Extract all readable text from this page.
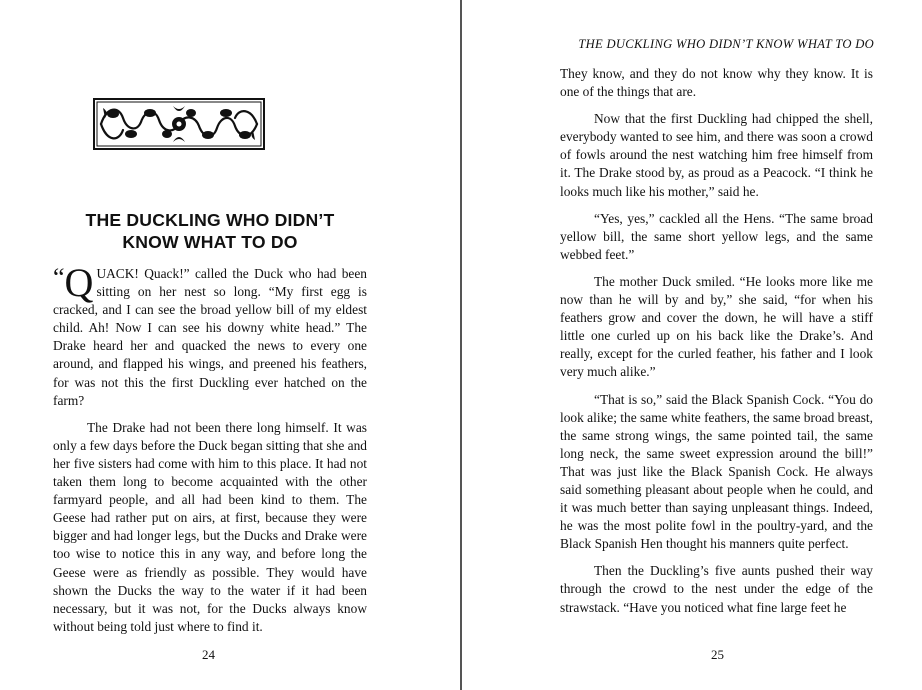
THE DUCKLING WHO DIDN’T
KNOW WHAT TO DO

“ Q UACK! Quack!” called the Duck who had been sitting on her nest so long. “My first egg is cracked, and I can see the broad yellow bill of my eldest child. Ah! Now I can see his downy white head.” The Drake heard her and quacked the news to every one around, and flapped his wings, and preened his feathers, for was not this the first Duckling ever hatched on the farm?

The Drake had not been there long himself. It was only a few days before the Duck began sitting that she and her five sisters had come with him to this place. It had not taken them long to become acquainted with the other farmyard people, and all had been kind to them. The Geese had rather put on airs, at first, because they were bigger and had longer legs, but the Ducks and Drake were too wise to notice this in any way, and before long the Geese were as friendly as possible. They would have shown the Ducks the way to the water if it had been necessary, but it was not, for the Ducks always know without being told just where to find it.

24
THE DUCKLING WHO DIDN’T KNOW WHAT TO DO

They know, and they do not know why they know. It is one of the things that are.

Now that the first Duckling had chipped the shell, everybody wanted to see him, and there was soon a crowd of fowls around the nest watching him free himself from it. The Drake stood by, as proud as a Peacock. “I think he looks much like his mother,” said he.

“Yes, yes,” cackled all the Hens. “The same broad yellow bill, the same short yellow legs, and the same webbed feet.”

The mother Duck smiled. “He looks more like me now than he will by and by,” she said, “for when his feathers grow and cover the down, he will have a stiff little one curled up on his back like the Drake’s. And really, except for the curled feather, his father and I look very much alike.”

“That is so,” said the Black Spanish Cock. “You do look alike; the same white feathers, the same broad breast, the same strong wings, the same pointed tail, the same long neck, the same sweet expression around the bill!” That was just like the Black Spanish Cock. He always said something pleasant about people when he could, and it was much better than saying unpleasant things. Indeed, he was the most polite fowl in the poultry-yard, and the Black Spanish Hen thought his manners quite perfect.

Then the Duckling’s five aunts pushed their way through the crowd to the nest under the edge of the strawstack. “Have you noticed what fine large feet he

25
